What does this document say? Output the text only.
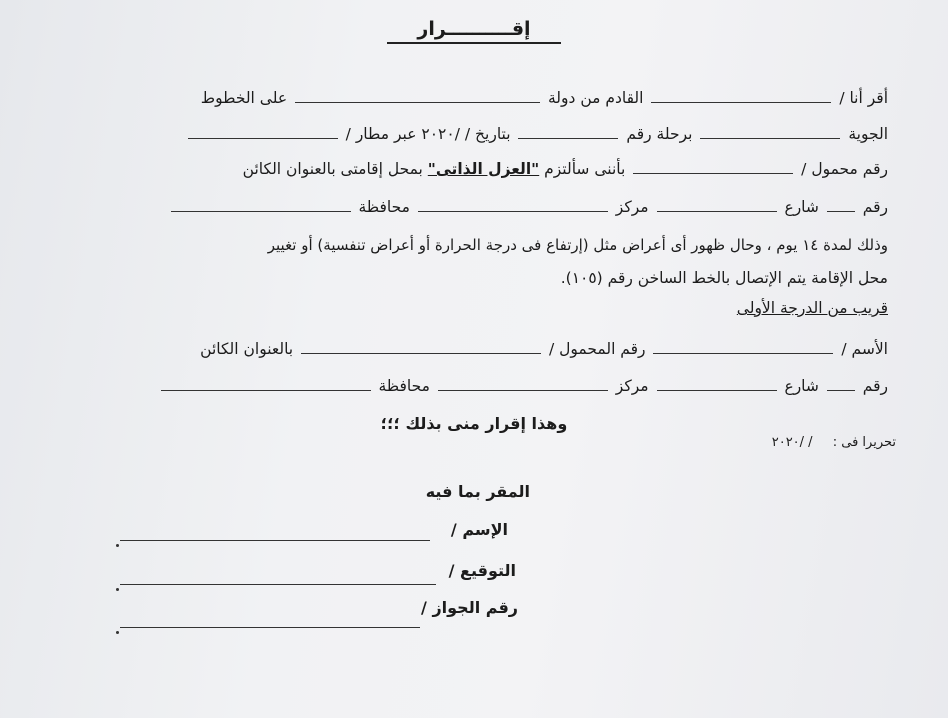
إقــــــــــرار
أقر أنا /  القادم من دولة  على الخطوط
الجوية  برحلة رقم  بتاريخ / /٢٠٢٠ عبر مطار /
رقم محمول /  بأننى سألتزم "العزل الذاتى" بمحل إقامتى بالعنوان الكائن
رقم  شارع  مركز  محافظة
وذلك لمدة ١٤ يوم ، وحال ظهور أى أعراض مثل (إرتفاع فى درجة الحرارة أو أعراض تنفسية) أو تغيير
محل الإقامة يتم الإتصال بالخط الساخن رقم (١٠٥).
قريب من الدرجة الأولى
الأسم /  رقم المحمول /  بالعنوان الكائن
رقم  شارع  مركز  محافظة
وهذا إقرار منى بذلك ؛؛؛
تحريرا فى : / /٢٠٢٠
المقر بما فيه
الإسم /
التوقيع /
رقم الجواز /
